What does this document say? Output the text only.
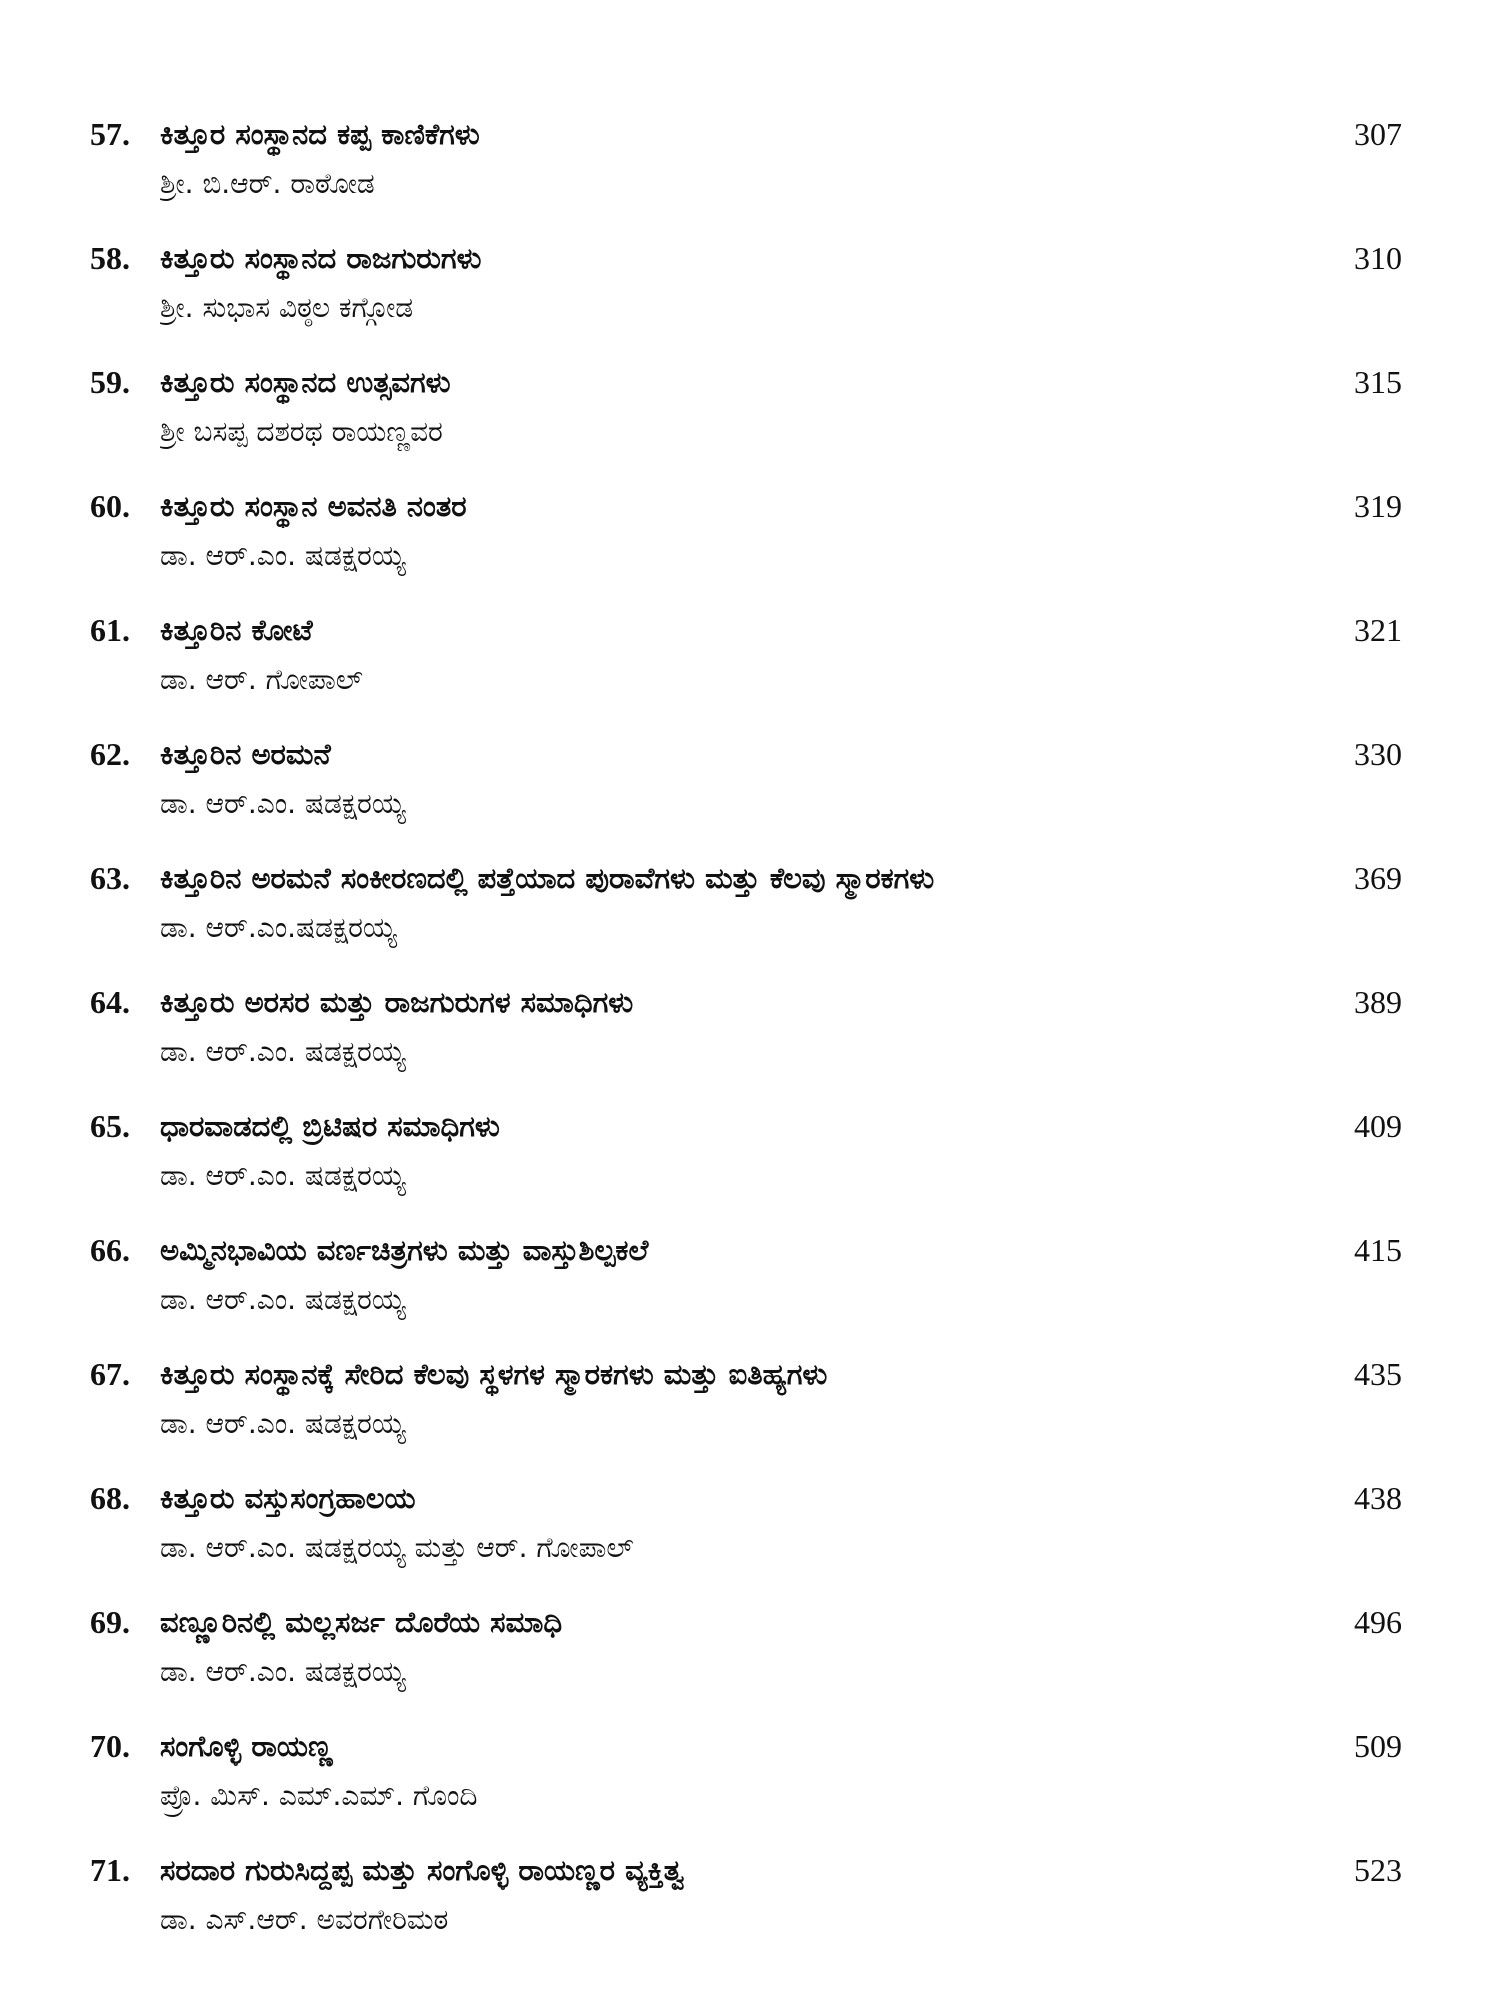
57.	ಕಿತ್ತೂರ ಸಂಸ್ಥಾನದ ಕಪ್ಪ ಕಾಣಿಕೆಗಳು	307
ಶ್ರೀ. ಬಿ.ಆರ್. ರಾಠೋಡ
58.	ಕಿತ್ತೂರು ಸಂಸ್ಥಾನದ ರಾಜಗುರುಗಳು	310
ಶ್ರೀ. ಸುಭಾಸ ವಿಠ್ಠಲ ಕಗ್ಗೋಡ
59.	ಕಿತ್ತೂರು ಸಂಸ್ಥಾನದ ಉತ್ಸವಗಳು	315
ಶ್ರೀ ಬಸಪ್ಪ ದಶರಥ ರಾಯಣ್ಣವರ
60.	ಕಿತ್ತೂರು ಸಂಸ್ಥಾನ ಅವನತಿ ನಂತರ	319
ಡಾ. ಆರ್.ಎಂ. ಷಡಕ್ಷರಯ್ಯ
61.	ಕಿತ್ತೂರಿನ ಕೋಟೆ	321
ಡಾ. ಆರ್. ಗೋಪಾಲ್
62.	ಕಿತ್ತೂರಿನ ಅರಮನೆ	330
ಡಾ. ಆರ್.ಎಂ. ಷಡಕ್ಷರಯ್ಯ
63.	ಕಿತ್ತೂರಿನ ಅರಮನೆ ಸಂಕೀರಣದಲ್ಲಿ ಪತ್ತೆಯಾದ ಪುರಾವೆಗಳು ಮತ್ತು ಕೆಲವು ಸ್ಮಾರಕಗಳು	369
ಡಾ. ಆರ್.ಎಂ.ಷಡಕ್ಷರಯ್ಯ
64.	ಕಿತ್ತೂರು ಅರಸರ ಮತ್ತು ರಾಜಗುರುಗಳ ಸಮಾಧಿಗಳು	389
ಡಾ. ಆರ್.ಎಂ. ಷಡಕ್ಷರಯ್ಯ
65.	ಧಾರವಾಡದಲ್ಲಿ ಬ್ರಿಟಿಷರ ಸಮಾಧಿಗಳು	409
ಡಾ. ಆರ್.ಎಂ. ಷಡಕ್ಷರಯ್ಯ
66.	ಅಮ್ಮಿನಭಾವಿಯ ವರ್ಣಚಿತ್ರಗಳು ಮತ್ತು ವಾಸ್ತುಶಿಲ್ಪಕಲೆ	415
ಡಾ. ಆರ್.ಎಂ. ಷಡಕ್ಷರಯ್ಯ
67.	ಕಿತ್ತೂರು ಸಂಸ್ಥಾನಕ್ಕೆ ಸೇರಿದ ಕೆಲವು ಸ್ಥಳಗಳ ಸ್ಮಾರಕಗಳು ಮತ್ತು ಐತಿಹ್ಯಗಳು	435
ಡಾ. ಆರ್.ಎಂ. ಷಡಕ್ಷರಯ್ಯ
68.	ಕಿತ್ತೂರು ವಸ್ತುಸಂಗ್ರಹಾಲಯ	438
ಡಾ. ಆರ್.ಎಂ. ಷಡಕ್ಷರಯ್ಯ ಮತ್ತು ಆರ್. ಗೋಪಾಲ್
69.	ವಣ್ಣೂರಿನಲ್ಲಿ ಮಲ್ಲಸರ್ಜ ದೊರೆಯ ಸಮಾಧಿ	496
ಡಾ. ಆರ್.ಎಂ. ಷಡಕ್ಷರಯ್ಯ
70.	ಸಂಗೊಳ್ಳಿ ರಾಯಣ್ಣ	509
ಪ್ರೊ. ಮಿಸ್. ಎಮ್.ಎಮ್. ಗೊಂದಿ
71.	ಸರದಾರ ಗುರುಸಿದ್ದಪ್ಪ ಮತ್ತು ಸಂಗೊಳ್ಳಿ ರಾಯಣ್ಣರ ವ್ಯಕ್ತಿತ್ವ	523
ಡಾ. ಎಸ್.ಆರ್. ಅವರಗೇರಿಮಠ
